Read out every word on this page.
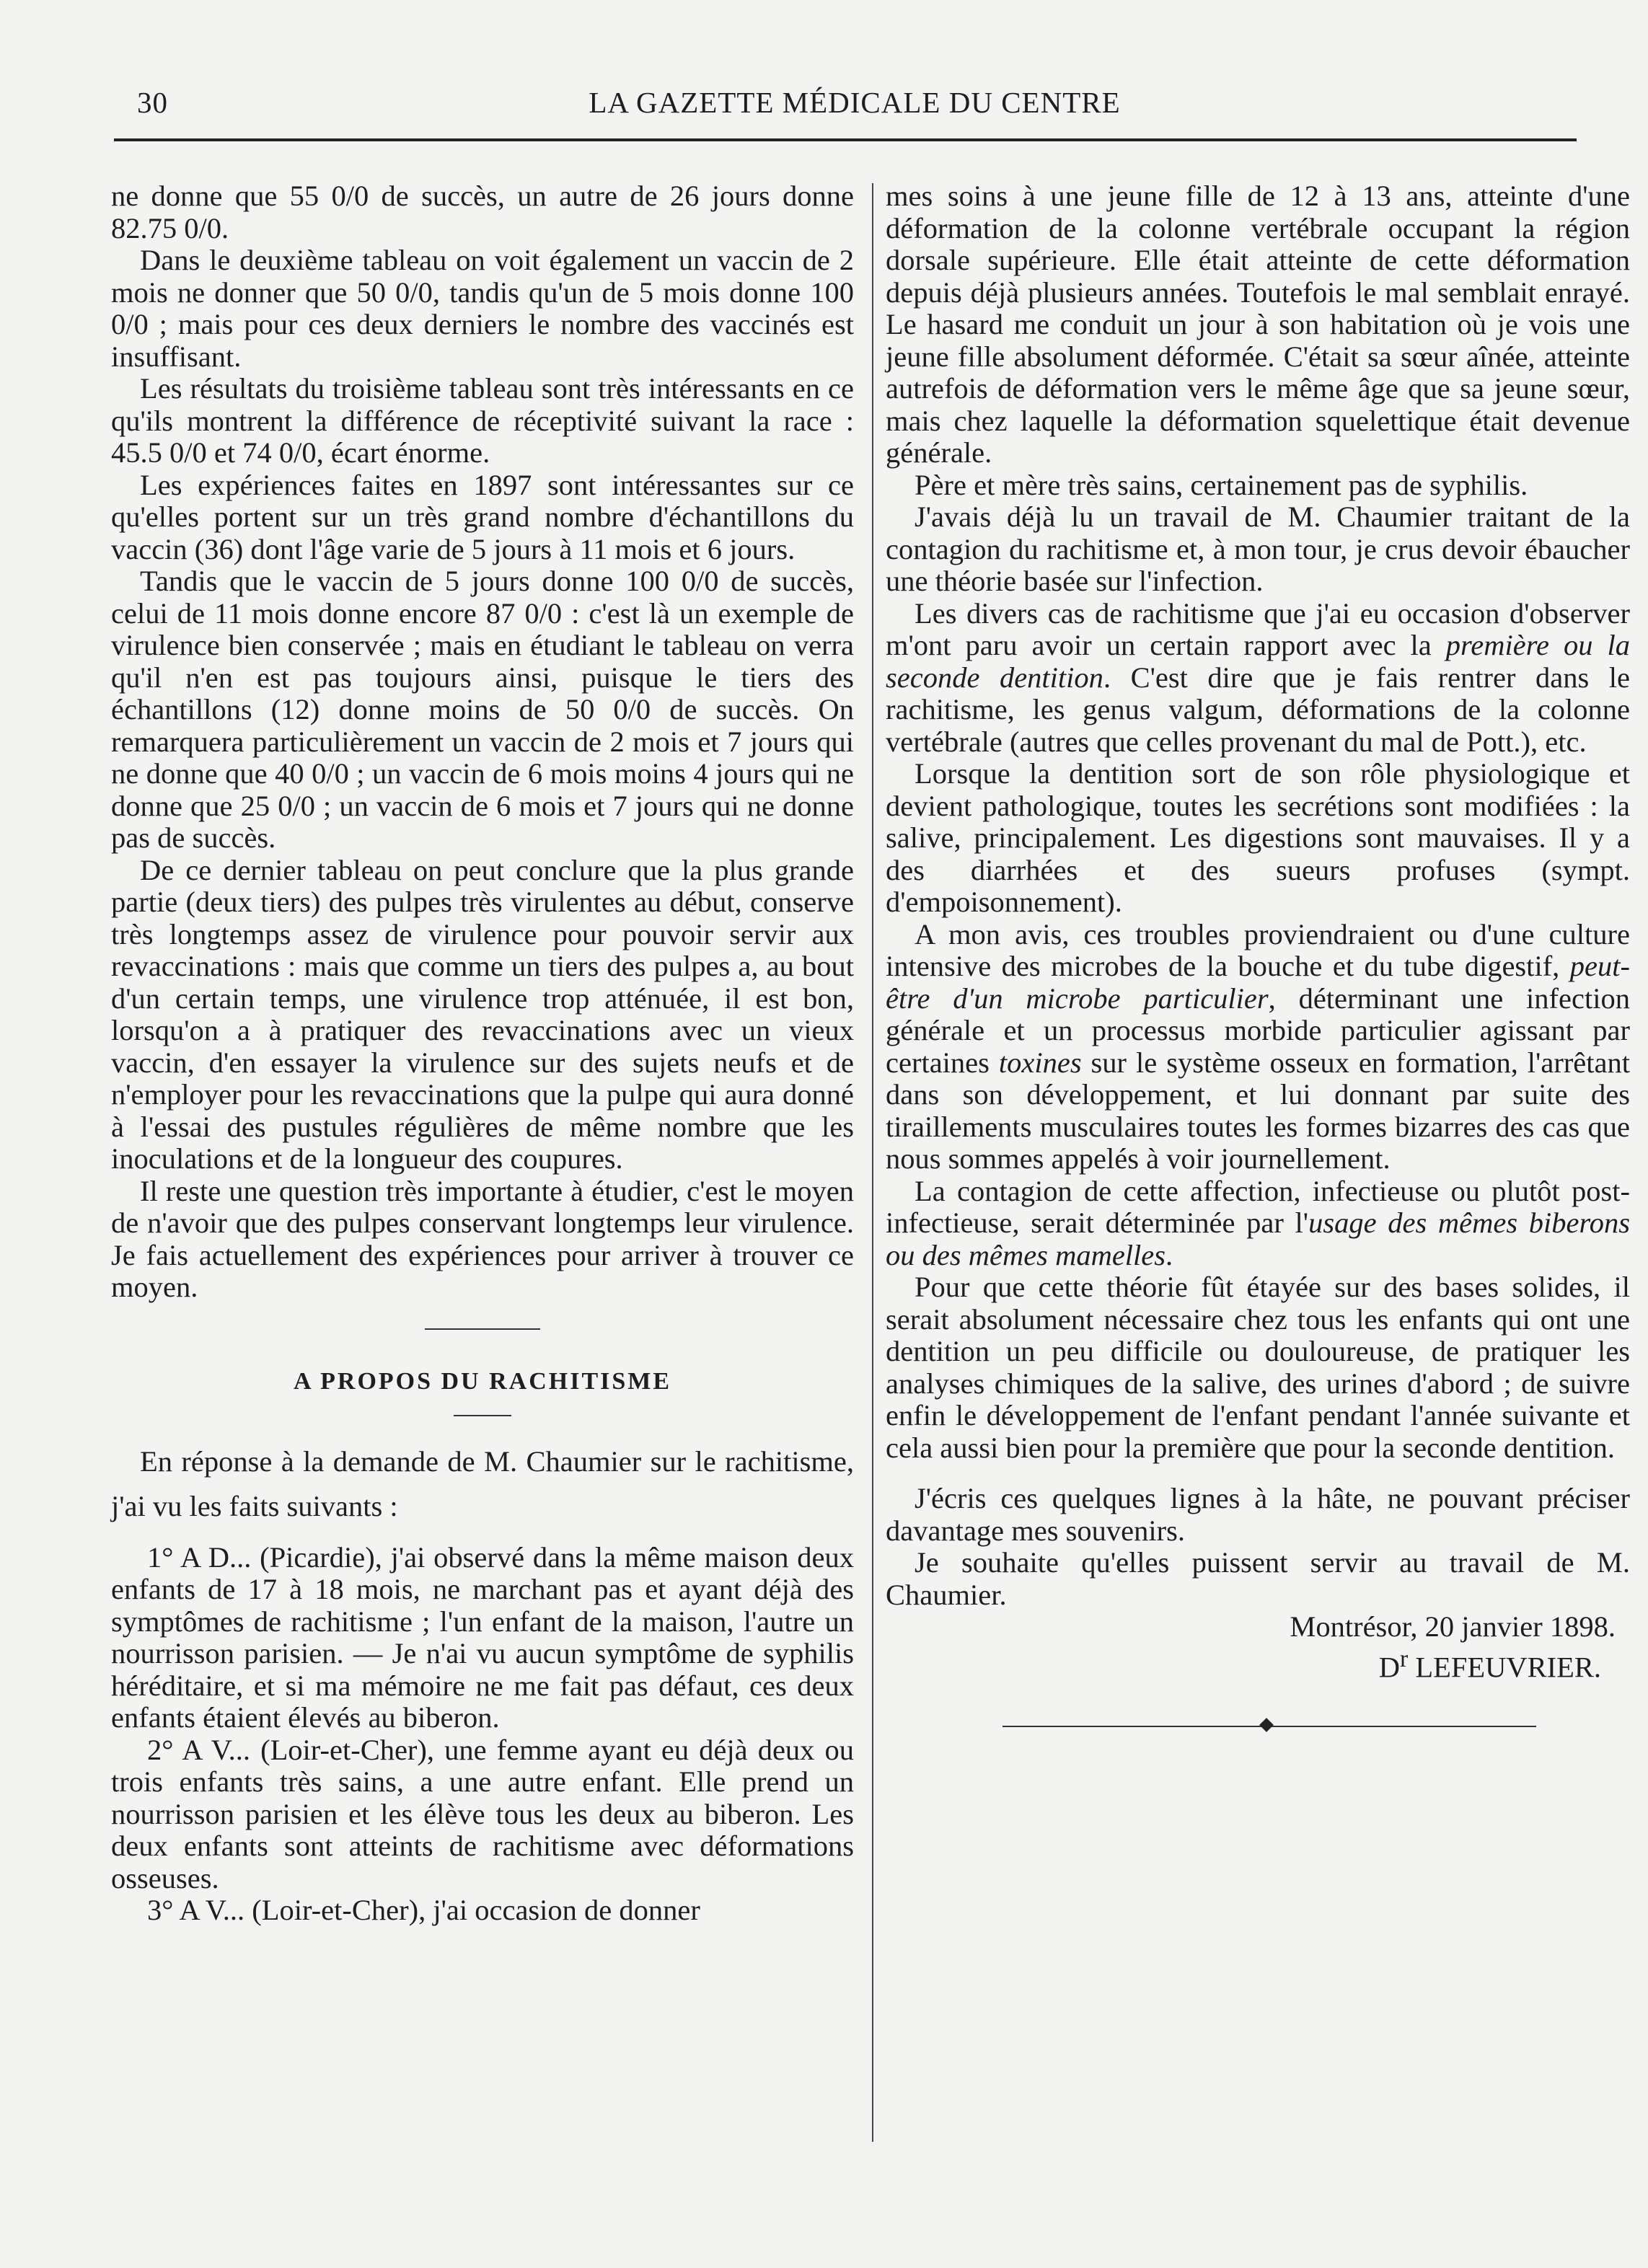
30	LA GAZETTE MÉDICALE DU CENTRE

ne donne que 55 0/0 de succès, un autre de 26 jours donne 82.75 0/0.

Dans le deuxième tableau on voit également un vaccin de 2 mois ne donner que 50 0/0, tandis qu'un de 5 mois donne 100 0/0 ; mais pour ces deux derniers le nombre des vaccinés est insuffisant.

Les résultats du troisième tableau sont très intéressants en ce qu'ils montrent la différence de réceptivité suivant la race : 45.5 0/0 et 74 0/0, écart énorme.

Les expériences faites en 1897 sont intéressantes sur ce qu'elles portent sur un très grand nombre d'échantillons du vaccin (36) dont l'âge varie de 5 jours à 11 mois et 6 jours.

Tandis que le vaccin de 5 jours donne 100 0/0 de succès, celui de 11 mois donne encore 87 0/0 : c'est là un exemple de virulence bien conservée ; mais en étudiant le tableau on verra qu'il n'en est pas toujours ainsi, puisque le tiers des échantillons (12) donne moins de 50 0/0 de succès. On remarquera particulièrement un vaccin de 2 mois et 7 jours qui ne donne que 40 0/0 ; un vaccin de 6 mois moins 4 jours qui ne donne que 25 0/0 ; un vaccin de 6 mois et 7 jours qui ne donne pas de succès.

De ce dernier tableau on peut conclure que la plus grande partie (deux tiers) des pulpes très virulentes au début, conserve très longtemps assez de virulence pour pouvoir servir aux revaccinations : mais que comme un tiers des pulpes a, au bout d'un certain temps, une virulence trop atténuée, il est bon, lorsqu'on a à pratiquer des revaccinations avec un vieux vaccin, d'en essayer la virulence sur des sujets neufs et de n'employer pour les revaccinations que la pulpe qui aura donné à l'essai des pustules régulières de même nombre que les inoculations et de la longueur des coupures.

Il reste une question très importante à étudier, c'est le moyen de n'avoir que des pulpes conservant longtemps leur virulence. Je fais actuellement des expériences pour arriver à trouver ce moyen.

A PROPOS DU RACHITISME

En réponse à la demande de M. Chaumier sur le rachitisme, j'ai vu les faits suivants :

1° A D... (Picardie), j'ai observé dans la même maison deux enfants de 17 à 18 mois, ne marchant pas et ayant déjà des symptômes de rachitisme ; l'un enfant de la maison, l'autre un nourrisson parisien. — Je n'ai vu aucun symptôme de syphilis héréditaire, et si ma mémoire ne me fait pas défaut, ces deux enfants étaient élevés au biberon.

2° A V... (Loir-et-Cher), une femme ayant eu déjà deux ou trois enfants très sains, a une autre enfant. Elle prend un nourrisson parisien et les élève tous les deux au biberon. Les deux enfants sont atteints de rachitisme avec déformations osseuses.

3° A V... (Loir-et-Cher), j'ai occasion de donner

mes soins à une jeune fille de 12 à 13 ans, atteinte d'une déformation de la colonne vertébrale occupant la région dorsale supérieure. Elle était atteinte de cette déformation depuis déjà plusieurs années. Toutefois le mal semblait enrayé. Le hasard me conduit un jour à son habitation où je vois une jeune fille absolument déformée. C'était sa sœur aînée, atteinte autrefois de déformation vers le même âge que sa jeune sœur, mais chez laquelle la déformation squelettique était devenue générale.

Père et mère très sains, certainement pas de syphilis.

J'avais déjà lu un travail de M. Chaumier traitant de la contagion du rachitisme et, à mon tour, je crus devoir ébaucher une théorie basée sur l'infection.

Les divers cas de rachitisme que j'ai eu occasion d'observer m'ont paru avoir un certain rapport avec la première ou la seconde dentition. C'est dire que je fais rentrer dans le rachitisme, les genus valgum, déformations de la colonne vertébrale (autres que celles provenant du mal de Pott.), etc.

Lorsque la dentition sort de son rôle physiologique et devient pathologique, toutes les secrétions sont modifiées : la salive, principalement. Les digestions sont mauvaises. Il y a des diarrhées et des sueurs profuses (sympt. d'empoisonnement).

A mon avis, ces troubles proviendraient ou d'une culture intensive des microbes de la bouche et du tube digestif, peut-être d'un microbe particulier, déterminant une infection générale et un processus morbide particulier agissant par certaines toxines sur le système osseux en formation, l'arrêtant dans son développement, et lui donnant par suite des tiraillements musculaires toutes les formes bizarres des cas que nous sommes appelés à voir journellement.

La contagion de cette affection, infectieuse ou plutôt post-infectieuse, serait déterminée par l'usage des mêmes biberons ou des mêmes mamelles.

Pour que cette théorie fût étayée sur des bases solides, il serait absolument nécessaire chez tous les enfants qui ont une dentition un peu difficile ou douloureuse, de pratiquer les analyses chimiques de la salive, des urines d'abord ; de suivre enfin le développement de l'enfant pendant l'année suivante et cela aussi bien pour la première que pour la seconde dentition.

J'écris ces quelques lignes à la hâte, ne pouvant préciser davantage mes souvenirs.

Je souhaite qu'elles puissent servir au travail de M. Chaumier.

Montrésor, 20 janvier 1898.

$D^r$ LEFEUVRIER.
